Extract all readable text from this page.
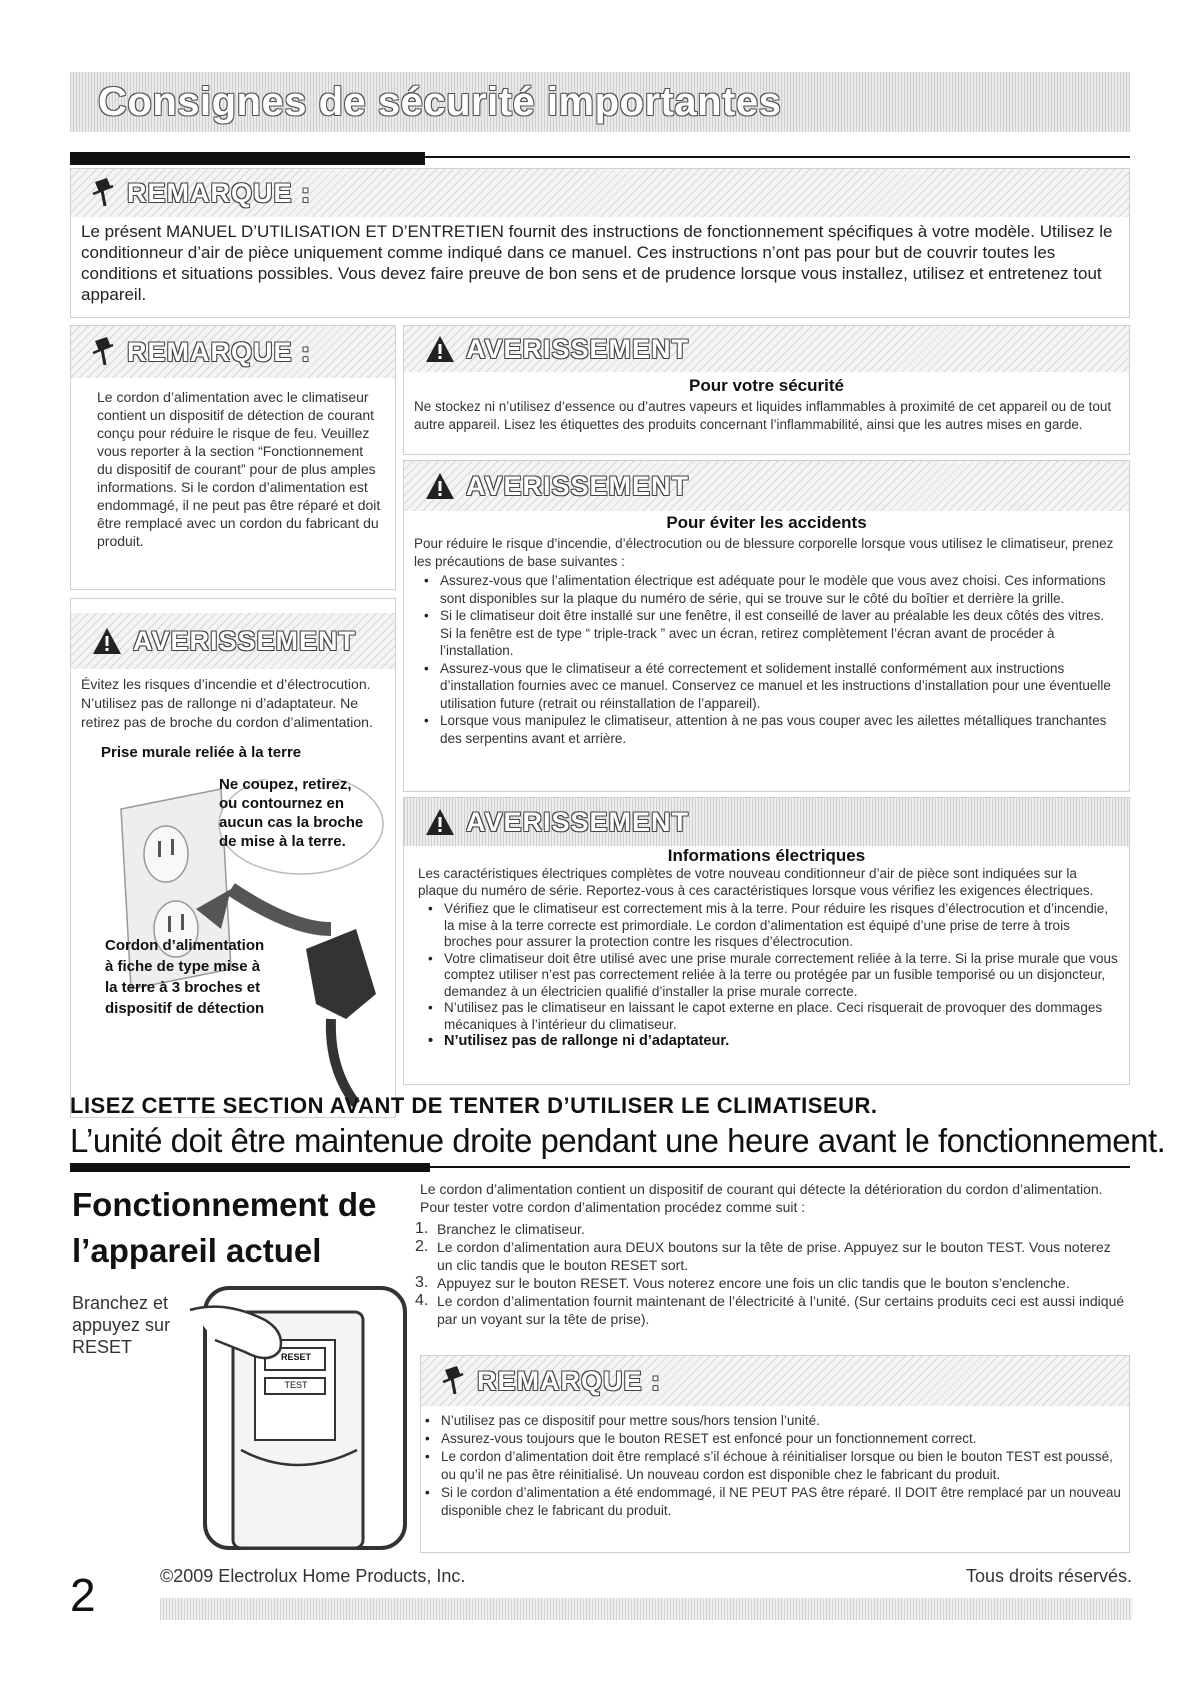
Consignes de sécurité importantes
REMARQUE :
Le présent MANUEL D’UTILISATION ET D’ENTRETIEN fournit des instructions de fonctionnement spécifiques à votre modèle. Utilisez le conditionneur d’air de pièce uniquement comme indiqué dans ce manuel. Ces instructions n’ont pas pour but de couvrir toutes les conditions et situations possibles. Vous devez faire preuve de bon sens et de prudence lorsque vous installez, utilisez et entretenez tout appareil.
REMARQUE :
Le cordon d’alimentation avec le climatiseur contient un dispositif de détection de courant conçu pour réduire le risque de feu. Veuillez vous reporter à la section “Fonctionnement du dispositif de courant” pour de plus amples informations. Si le cordon d’alimentation est endommagé, il ne peut pas être réparé et doit être remplacé avec un cordon du fabricant du produit.
AVERISSEMENT
Évitez les risques d’incendie et d’électrocution. N’utilisez pas de rallonge ni d’adaptateur. Ne retirez pas de broche du cordon d’alimentation.
Prise murale reliée à la terre
Ne coupez, retirez, ou contournez en aucun cas la broche de mise à la terre.
Cordon d’alimentation à fiche de type mise à la terre à 3 broches et dispositif de détection
AVERISSEMENT

Pour votre sécurité

Ne stockez ni n’utilisez d’essence ou d’autres vapeurs et liquides inflammables à proximité de cet appareil ou de tout autre appareil. Lisez les étiquettes des produits concernant l’inflammabilité, ainsi que les autres mises en garde.
AVERISSEMENT

Pour éviter les accidents

Pour réduire le risque d’incendie, d’électrocution ou de blessure corporelle lorsque vous utilisez le climatiseur, prenez les précautions de base suivantes :
• Assurez-vous que l’alimentation électrique est adéquate pour le modèle que vous avez choisi. Ces informations sont disponibles sur la plaque du numéro de série, qui se trouve sur le côté du boîtier et derrière la grille.
• Si le climatiseur doit être installé sur une fenêtre, il est conseillé de laver au préalable les deux côtés des vitres. Si la fenêtre est de type “ triple-track ” avec un écran, retirez complètement l’écran avant de procéder à l’installation.
• Assurez-vous que le climatiseur a été correctement et solidement installé conformément aux instructions d’installation fournies avec ce manuel. Conservez ce manuel et les instructions d’installation pour une éventuelle utilisation future (retrait ou réinstallation de l’appareil).
• Lorsque vous manipulez le climatiseur, attention à ne pas vous couper avec les ailettes métalliques tranchantes des serpentins avant et arrière.
AVERISSEMENT

Informations électriques

Les caractéristiques électriques complètes de votre nouveau conditionneur d’air de pièce sont indiquées sur la plaque du numéro de série. Reportez-vous à ces caractéristiques lorsque vous vérifiez les exigences électriques.
• Vérifiez que le climatiseur est correctement mis à la terre. Pour réduire les risques d’électrocution et d’incendie, la mise à la terre correcte est primordiale. Le cordon d’alimentation est équipé d’une prise de terre à trois broches pour assurer la protection contre les risques d’électrocution.
• Votre climatiseur doit être utilisé avec une prise murale correctement reliée à la terre. Si la prise murale que vous comptez utiliser n’est pas correctement reliée à la terre ou protégée par un fusible temporisé ou un disjoncteur, demandez à un électricien qualifié d’installer la prise murale correcte.
• N’utilisez pas le climatiseur en laissant le capot externe en place. Ceci risquerait de provoquer des dommages mécaniques à l’intérieur du climatiseur.
• N’utilisez pas de rallonge ni d’adaptateur.
LISEZ CETTE SECTION AVANT DE TENTER D’UTILISER LE CLIMATISEUR.
L’unité doit être maintenue droite pendant une heure avant le fonctionnement.
Fonctionnement de
l’appareil actuel
Branchez et appuyez sur RESET	RESET
TEST
Le cordon d’alimentation contient un dispositif de courant qui détecte la détérioration du cordon d’alimentation. Pour tester votre cordon d’alimentation procédez comme suit :
1. Branchez le climatiseur.
2. Le cordon d’alimentation aura DEUX boutons sur la tête de prise. Appuyez sur le bouton TEST. Vous noterez un clic tandis que le bouton RESET sort.
3. Appuyez sur le bouton RESET. Vous noterez encore une fois un clic tandis que le bouton s’enclenche.
4. Le cordon d’alimentation fournit maintenant de l’électricité à l’unité. (Sur certains produits ceci est aussi indiqué par un voyant sur la tête de prise).
REMARQUE :
• N’utilisez pas ce dispositif pour mettre sous/hors tension l’unité.
• Assurez-vous toujours que le bouton RESET est enfoncé pour un fonctionnement correct.
• Le cordon d’alimentation doit être remplacé s’il échoue à réinitialiser lorsque ou bien le bouton TEST est poussé, ou qu’il ne pas être réinitialisé. Un nouveau cordon est disponible chez le fabricant du produit.
• Si le cordon d’alimentation a été endommagé, il NE PEUT PAS être réparé. Il DOIT être remplacé par un nouveau disponible chez le fabricant du produit.
2	©2009 Electrolux Home Products, Inc.	Tous droits réservés.
